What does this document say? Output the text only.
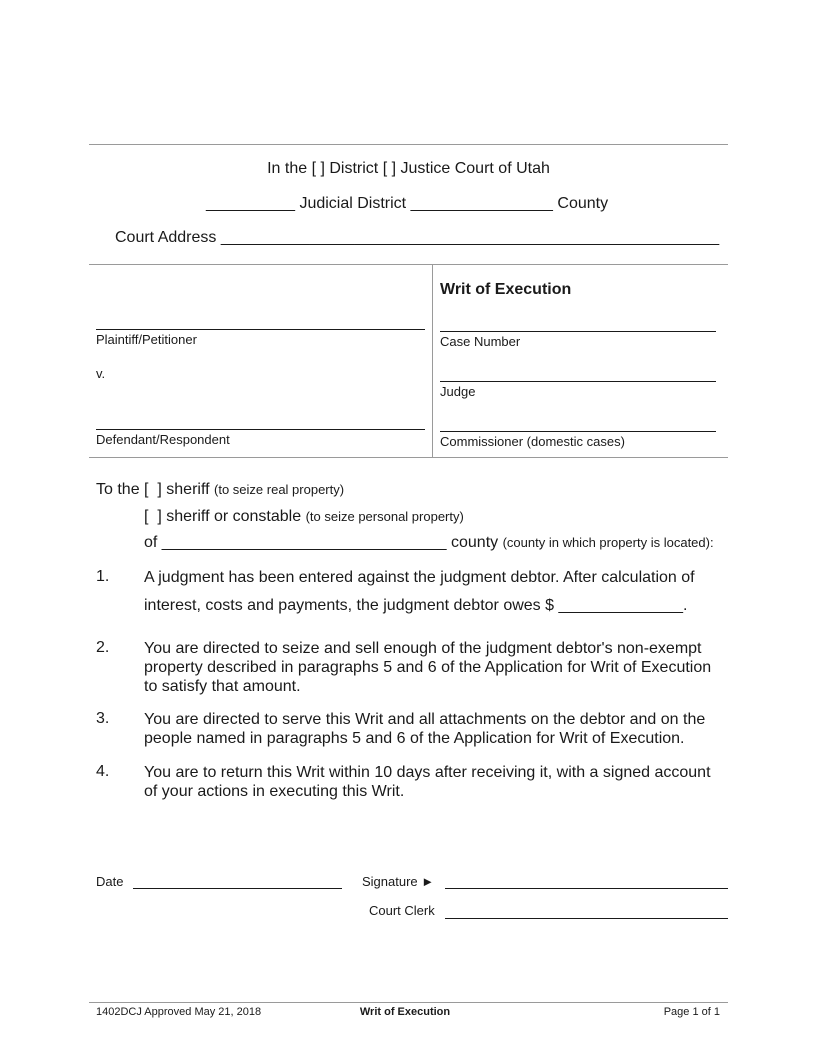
In the [ ] District [ ] Justice Court of Utah
__________ Judicial District ________________ County
Court Address ________________________________________________________
Plaintiff/Petitioner
v.
Defendant/Respondent
Writ of Execution
Case Number
Judge
Commissioner (domestic cases)
To the [  ] sheriff (to seize real property)
[  ] sheriff or constable (to seize personal property)
of ________________________________ county (county in which property is located):
1. A judgment has been entered against the judgment debtor. After calculation of
interest, costs and payments, the judgment debtor owes $ ______________.
2. You are directed to seize and sell enough of the judgment debtor's non-exempt property described in paragraphs 5 and 6 of the Application for Writ of Execution to satisfy that amount.
3. You are directed to serve this Writ and all attachments on the debtor and on the people named in paragraphs 5 and 6 of the Application for Writ of Execution.
4. You are to return this Writ within 10 days after receiving it, with a signed account of your actions in executing this Writ.
Date	Signature ►
Court Clerk
1402DCJ Approved May 21, 2018	Writ of Execution	Page 1 of 1
